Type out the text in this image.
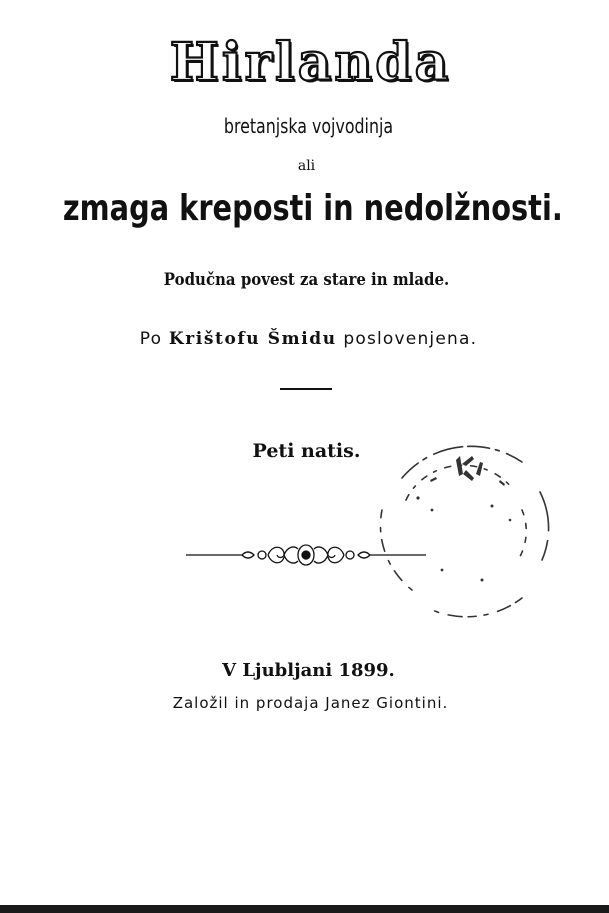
Hirlanda
bretanjska vojvodinja
ali
zmaga kreposti in nedolžnosti.
Podučna povest za stare in mlade.
Po Krištofu Šmidu poslovenjena.
Peti natis.
V Ljubljani 1899.
Založil in prodaja Janez Giontini.
